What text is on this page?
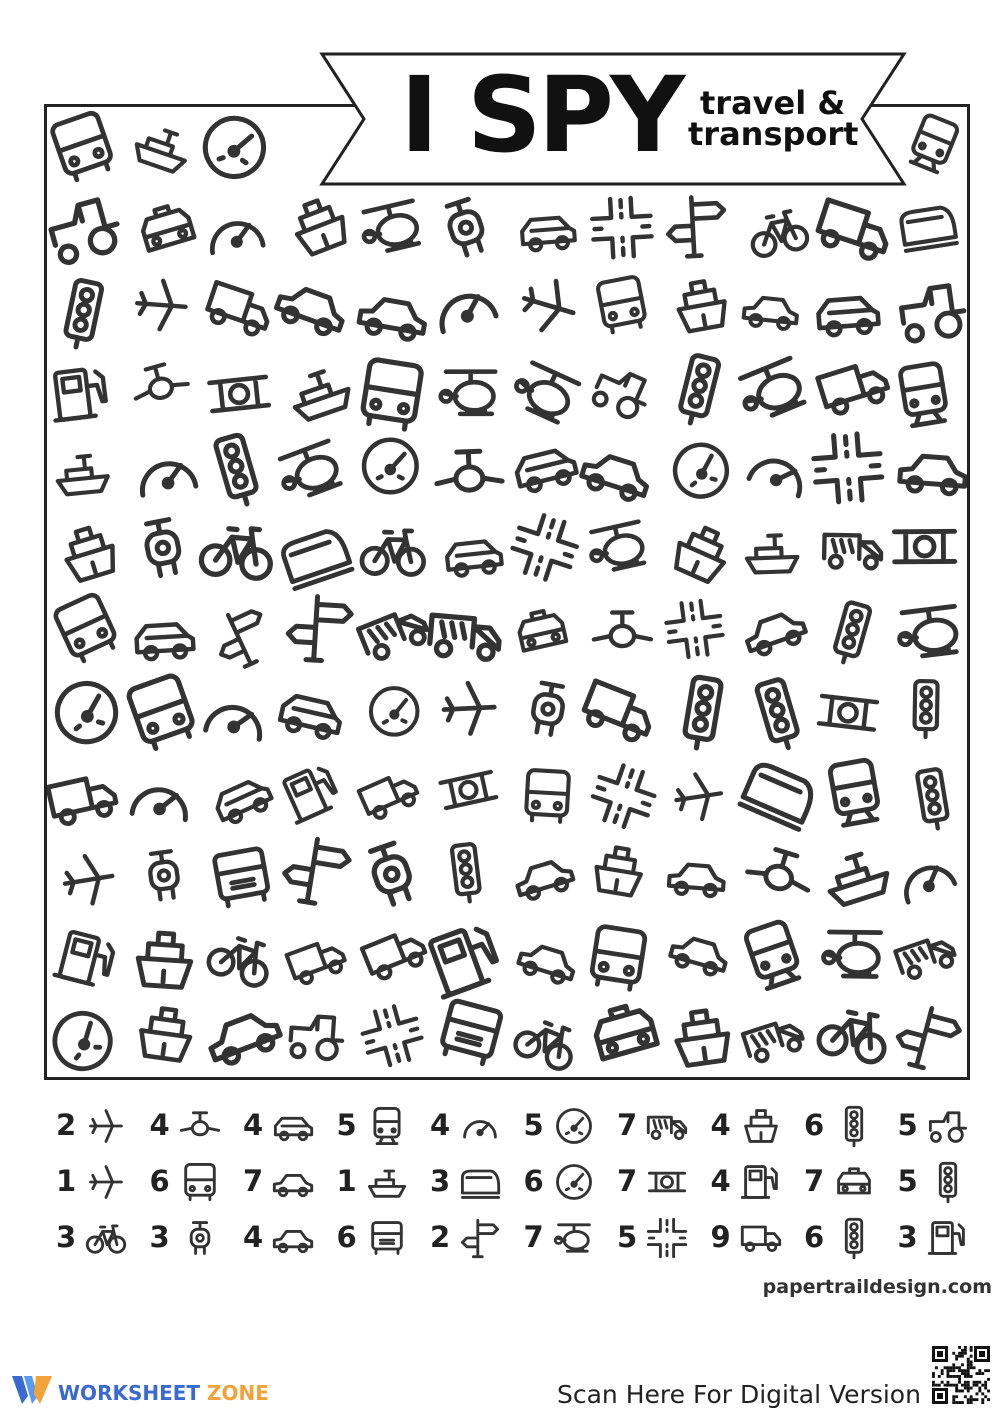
I SPY travel &
transport
2	4	4	5	4	5	7	4	6	5
1	6	7	1	3	6	7	4	7	5
3	3	4	6	2	7	5	9	6	3
papertraildesign.com
WORKSHEET ZONE	Scan Here For Digital Version
